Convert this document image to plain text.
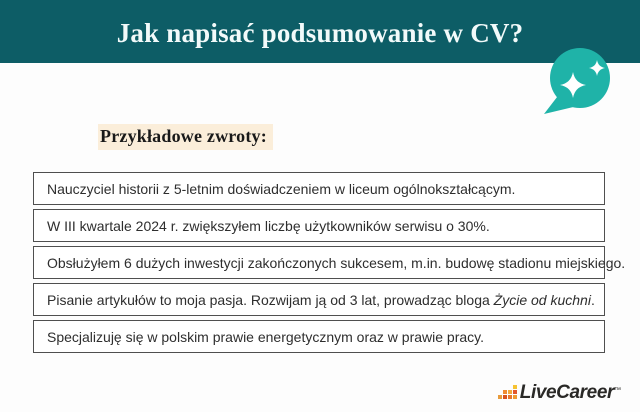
Jak napisać podsumowanie w CV?
Przykładowe zwroty:
Nauczyciel historii z 5-letnim doświadczeniem w liceum ogólnokształcącym.
W III kwartale 2024 r. zwiększyłem liczbę użytkowników serwisu o 30%.
Obsłużyłem 6 dużych inwestycji zakończonych sukcesem, m.in. budowę stadionu miejskiego.
Pisanie artykułów to moja pasja. Rozwijam ją od 3 lat, prowadząc bloga Życie od kuchni .
Specjalizuję się w polskim prawie energetycznym oraz w prawie pracy.
LiveCareer ™
